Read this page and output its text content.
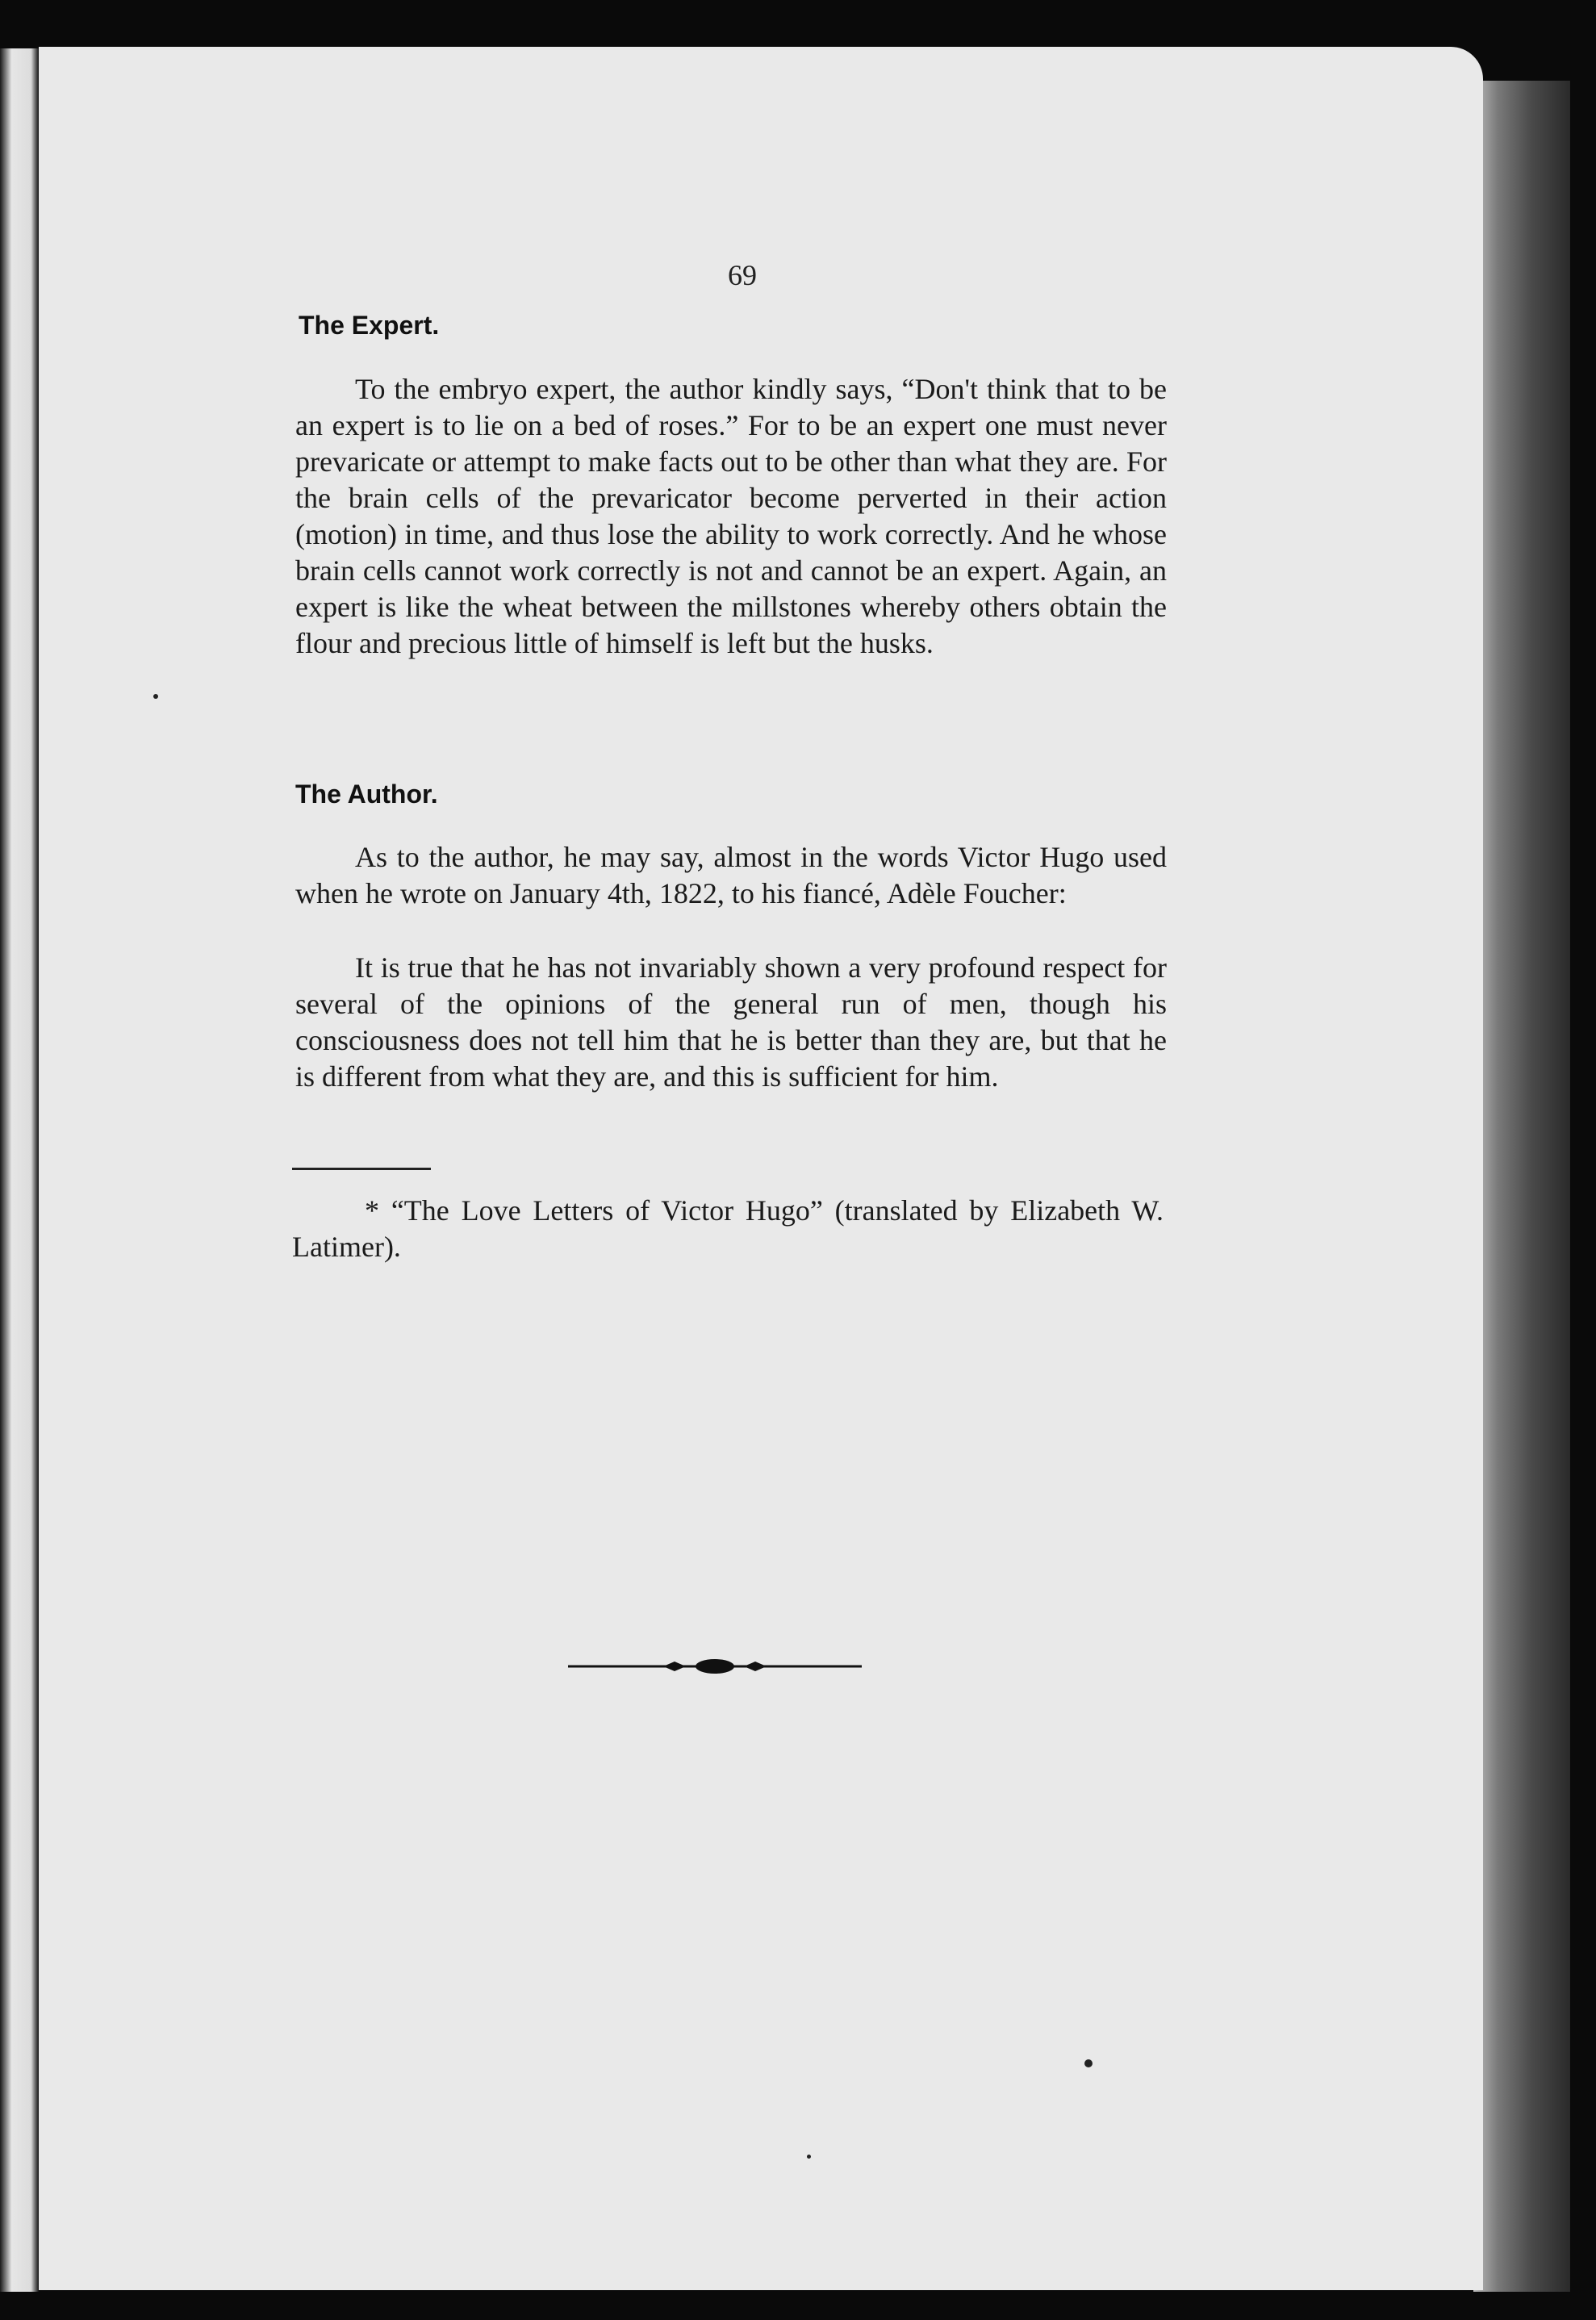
69
The Expert.

To the embryo expert, the author kindly says, “Don't think that to be an expert is to lie on a bed of roses.” For to be an expert one must never prevaricate or attempt to make facts out to be other than what they are. For the brain cells of the prevaricator become perverted in their action (motion) in time, and thus lose the ability to work correctly. And he whose brain cells cannot work correctly is not and cannot be an expert. Again, an expert is like the wheat between the millstones whereby others obtain the flour and precious little of himself is left but the husks.

The Author.

As to the author, he may say, almost in the words Victor Hugo used when he wrote on January 4th, 1822, to his fiancé, Adèle Foucher:

It is true that he has not invariably shown a very profound respect for several of the opinions of the general run of men, though his consciousness does not tell him that he is better than they are, but that he is different from what they are, and this is sufficient for him.

* “The Love Letters of Victor Hugo” (translated by Elizabeth W. Latimer).
